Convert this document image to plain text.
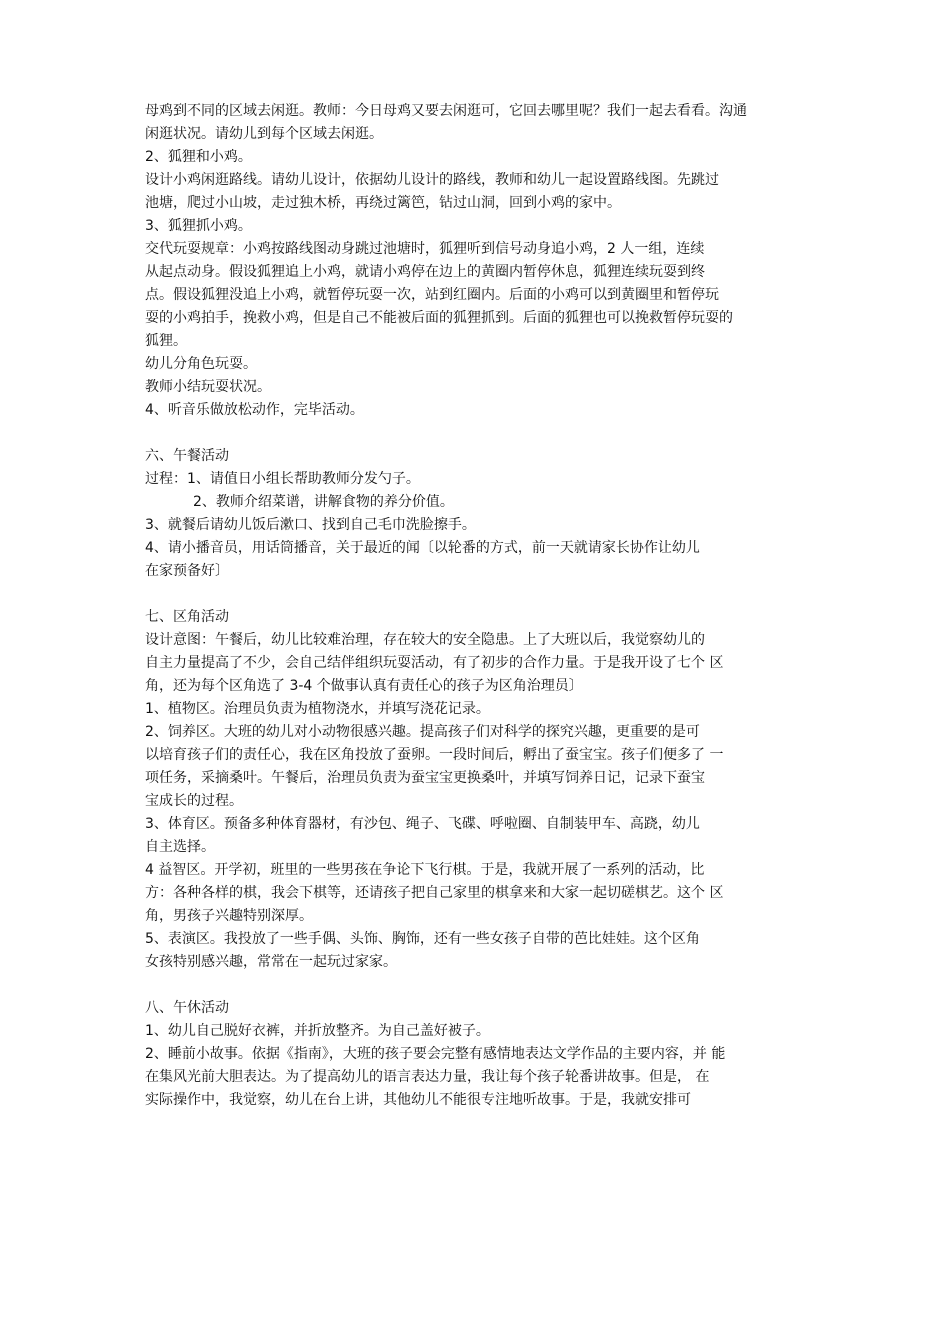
母鸡到不同的区域去闲逛。教师：今日母鸡又要去闲逛可，它回去哪里呢？我们一起去看看。沟通
闲逛状况。请幼儿到每个区域去闲逛。
2、狐狸和小鸡。
设计小鸡闲逛路线。请幼儿设计，依据幼儿设计的路线，教师和幼儿一起设置路线图。先跳过
池塘，爬过小山坡，走过独木桥，再绕过篱笆，钻过山洞，回到小鸡的家中。
3、狐狸抓小鸡。
交代玩耍规章：小鸡按路线图动身跳过池塘时，狐狸听到信号动身追小鸡，2 人一组，连续
从起点动身。假设狐狸追上小鸡，就请小鸡停在边上的黄圈内暂停休息，狐狸连续玩耍到终
点。假设狐狸没追上小鸡，就暂停玩耍一次，站到红圈内。后面的小鸡可以到黄圈里和暂停玩
耍的小鸡拍手，挽救小鸡，但是自己不能被后面的狐狸抓到。后面的狐狸也可以挽救暂停玩耍的
狐狸。
幼儿分角色玩耍。
教师小结玩耍状况。
4、听音乐做放松动作，完毕活动。
六、午餐活动
过程：1、请值日小组长帮助教师分发勺子。
2、教师介绍菜谱，讲解食物的养分价值。
3、就餐后请幼儿饭后漱口、找到自己毛巾洗脸擦手。
4、请小播音员，用话筒播音，关于最近的闻〔以轮番的方式，前一天就请家长协作让幼儿
在家预备好〕
七、区角活动
设计意图：午餐后，幼儿比较难治理，存在较大的安全隐患。上了大班以后，我觉察幼儿的
自主力量提高了不少，会自己结伴组织玩耍活动，有了初步的合作力量。于是我开设了七个 区
角，还为每个区角选了 3-4 个做事认真有责任心的孩子为区角治理员〕
1、植物区。治理员负责为植物浇水，并填写浇花记录。
2、饲养区。大班的幼儿对小动物很感兴趣。提高孩子们对科学的探究兴趣，更重要的是可
以培育孩子们的责任心，我在区角投放了蚕卵。一段时间后，孵出了蚕宝宝。孩子们便多了 一
项任务，采摘桑叶。午餐后，治理员负责为蚕宝宝更换桑叶，并填写饲养日记，记录下蚕宝
宝成长的过程。
3、体育区。预备多种体育器材，有沙包、绳子、飞碟、呼啦圈、自制装甲车、高跷，幼儿
自主选择。
4 益智区。开学初，班里的一些男孩在争论下飞行棋。于是，我就开展了一系列的活动，比
方：各种各样的棋，我会下棋等，还请孩子把自己家里的棋拿来和大家一起切磋棋艺。这个 区
角，男孩子兴趣特别深厚。
5、表演区。我投放了一些手偶、头饰、胸饰，还有一些女孩子自带的芭比娃娃。这个区角
女孩特别感兴趣，常常在一起玩过家家。
八、午休活动
1、幼儿自己脱好衣裤，并折放整齐。为自己盖好被子。
2、睡前小故事。依据《指南》，大班的孩子要会完整有感情地表达文学作品的主要内容，并 能
在集风光前大胆表达。为了提高幼儿的语言表达力量，我让每个孩子轮番讲故事。但是， 在
实际操作中，我觉察，幼儿在台上讲，其他幼儿不能很专注地听故事。于是，我就安排可
